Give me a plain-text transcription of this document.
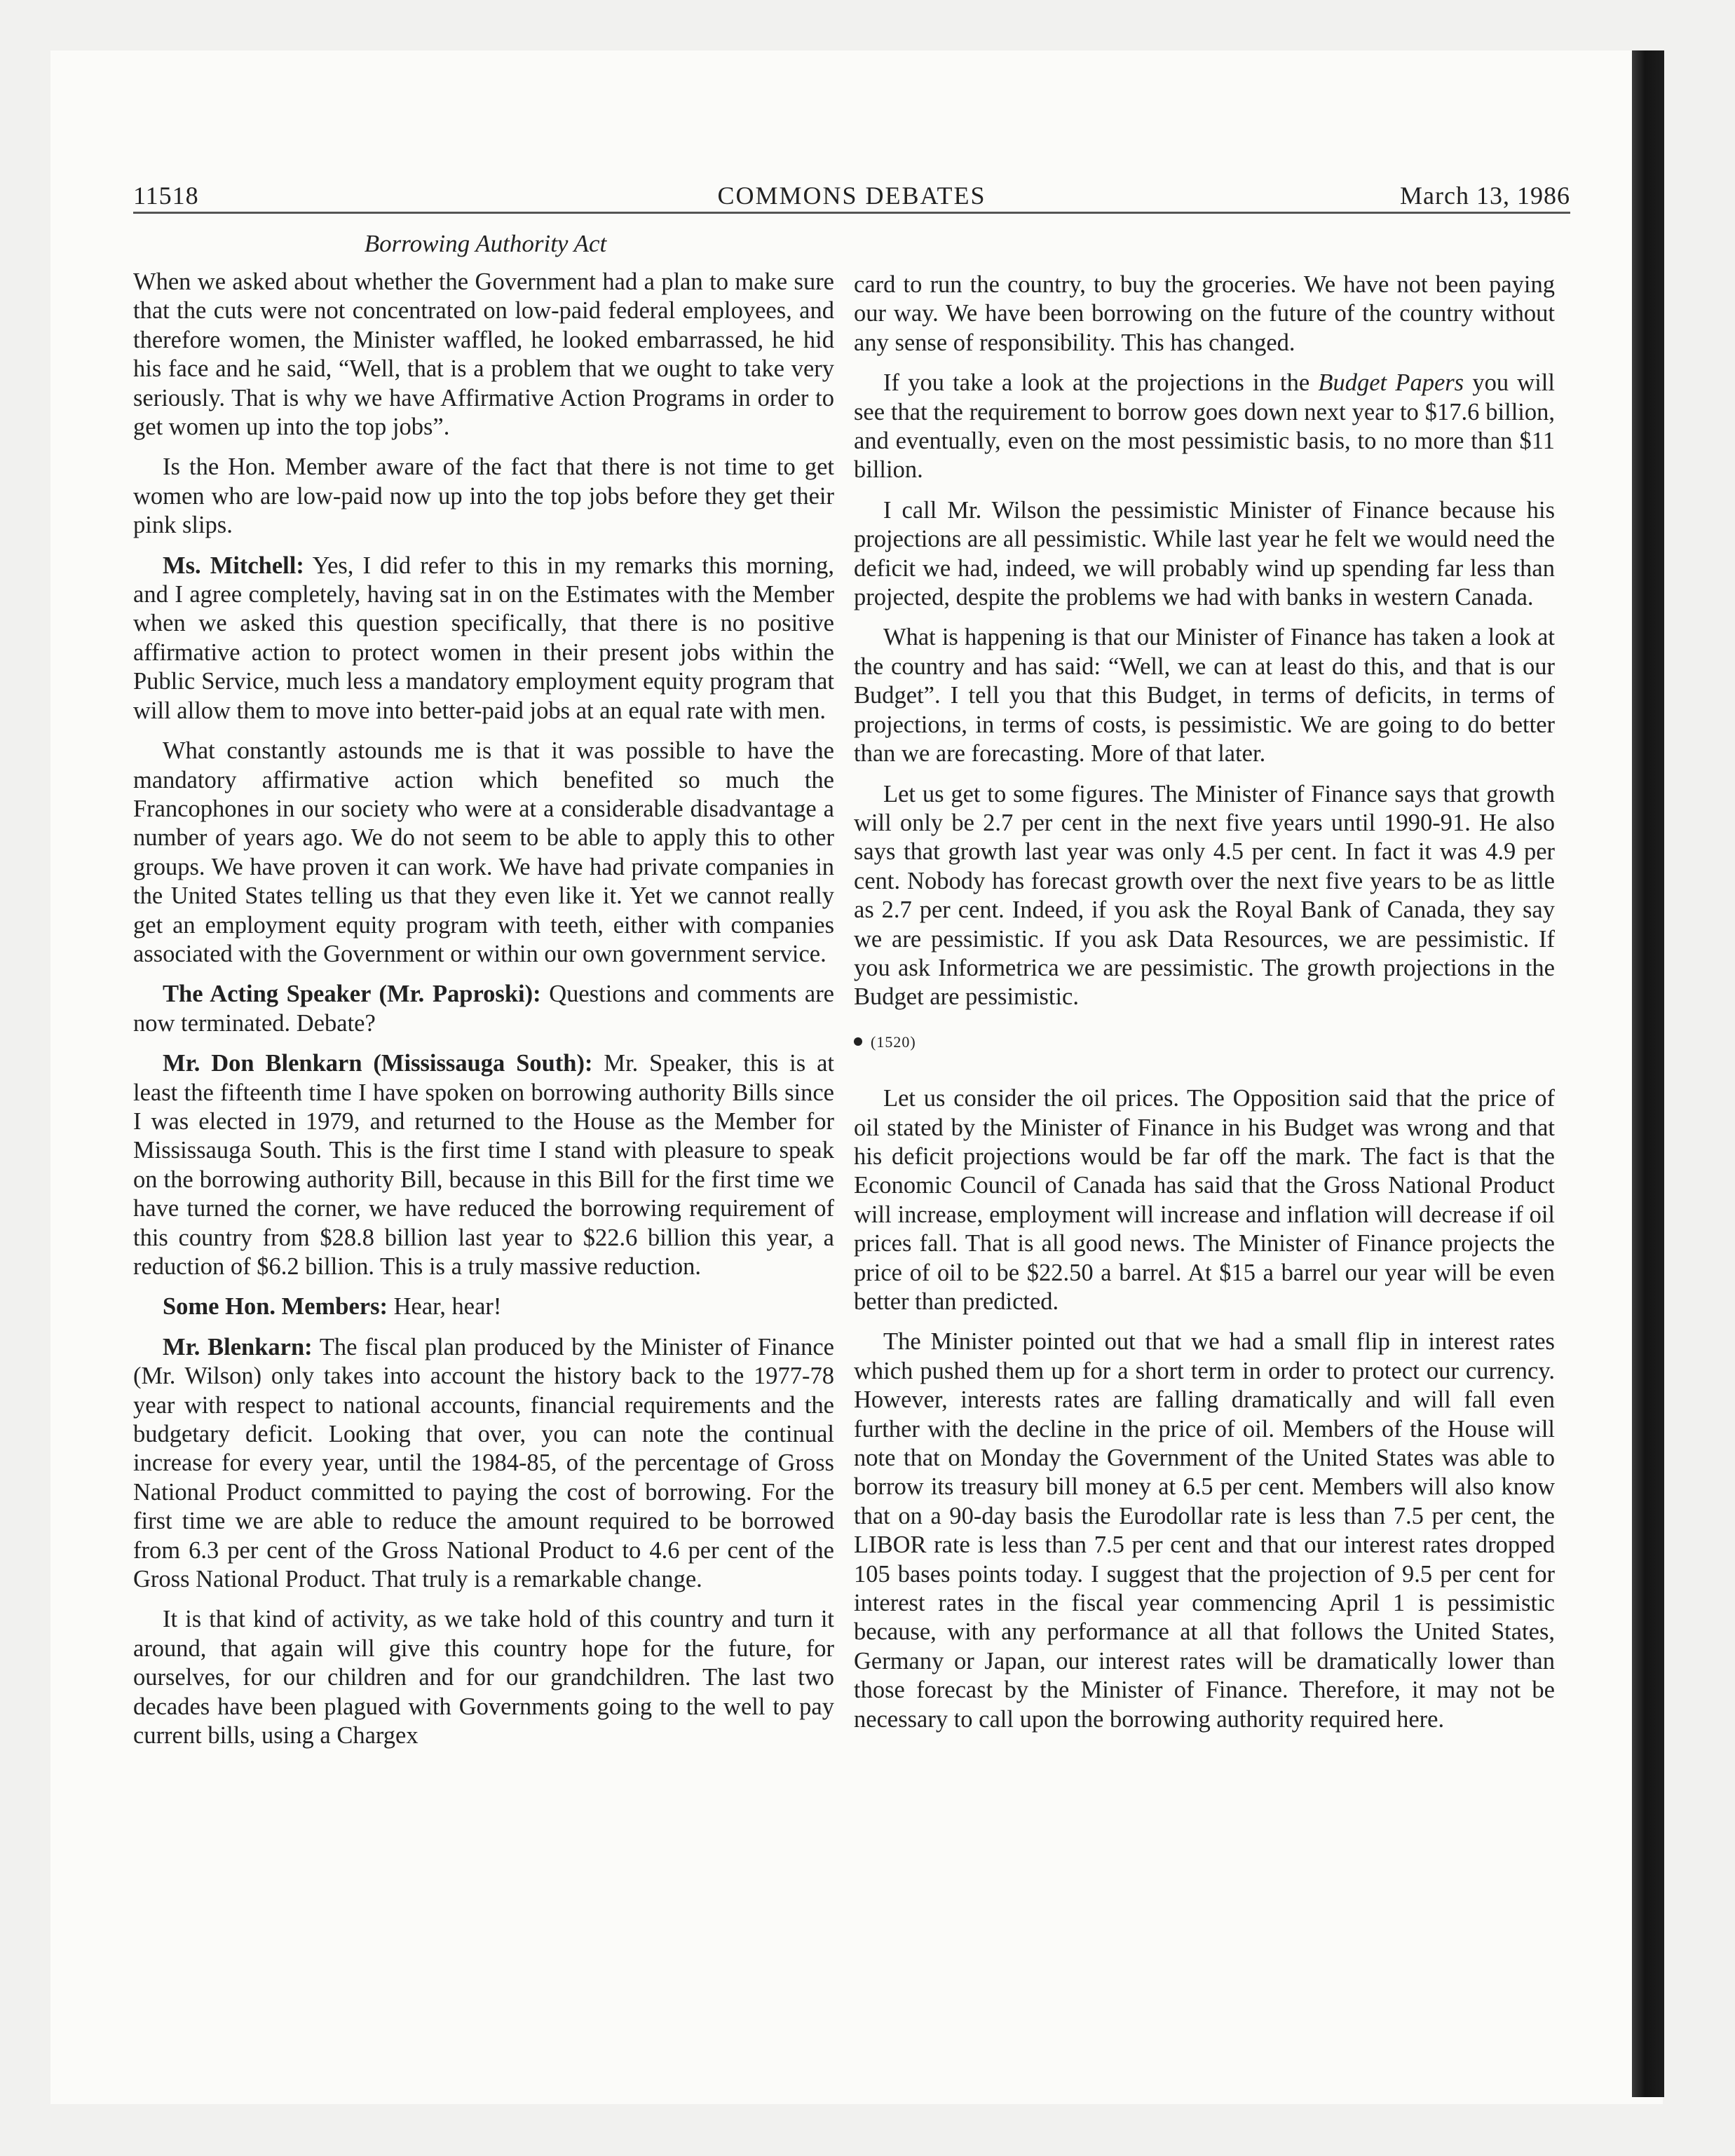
11518	COMMONS DEBATES	March 13, 1986
Borrowing Authority Act

When we asked about whether the Government had a plan to make sure that the cuts were not concentrated on low-paid federal employees, and therefore women, the Minister waffled, he looked embarrassed, he hid his face and he said, “Well, that is a problem that we ought to take very seriously. That is why we have Affirmative Action Programs in order to get women up into the top jobs”.

Is the Hon. Member aware of the fact that there is not time to get women who are low-paid now up into the top jobs before they get their pink slips.

Ms. Mitchell: Yes, I did refer to this in my remarks this morning, and I agree completely, having sat in on the Estimates with the Member when we asked this question specifically, that there is no positive affirmative action to protect women in their present jobs within the Public Service, much less a mandatory employment equity program that will allow them to move into better-paid jobs at an equal rate with men.

What constantly astounds me is that it was possible to have the mandatory affirmative action which benefited so much the Francophones in our society who were at a considerable disadvantage a number of years ago. We do not seem to be able to apply this to other groups. We have proven it can work. We have had private companies in the United States telling us that they even like it. Yet we cannot really get an employment equity program with teeth, either with companies associated with the Government or within our own government service.

The Acting Speaker (Mr. Paproski): Questions and comments are now terminated. Debate?

Mr. Don Blenkarn (Mississauga South): Mr. Speaker, this is at least the fifteenth time I have spoken on borrowing authority Bills since I was elected in 1979, and returned to the House as the Member for Mississauga South. This is the first time I stand with pleasure to speak on the borrowing authority Bill, because in this Bill for the first time we have turned the corner, we have reduced the borrowing requirement of this country from $28.8 billion last year to $22.6 billion this year, a reduction of $6.2 billion. This is a truly massive reduction.

Some Hon. Members: Hear, hear!

Mr. Blenkarn: The fiscal plan produced by the Minister of Finance (Mr. Wilson) only takes into account the history back to the 1977-78 year with respect to national accounts, financial requirements and the budgetary deficit. Looking that over, you can note the continual increase for every year, until the 1984-85, of the percentage of Gross National Product committed to paying the cost of borrowing. For the first time we are able to reduce the amount required to be borrowed from 6.3 per cent of the Gross National Product to 4.6 per cent of the Gross National Product. That truly is a remarkable change.

It is that kind of activity, as we take hold of this country and turn it around, that again will give this country hope for the future, for ourselves, for our children and for our grandchildren. The last two decades have been plagued with Governments going to the well to pay current bills, using a Chargex

card to run the country, to buy the groceries. We have not been paying our way. We have been borrowing on the future of the country without any sense of responsibility. This has changed.

If you take a look at the projections in the Budget Papers you will see that the requirement to borrow goes down next year to $17.6 billion, and eventually, even on the most pessimistic basis, to no more than $11 billion.

I call Mr. Wilson the pessimistic Minister of Finance because his projections are all pessimistic. While last year he felt we would need the deficit we had, indeed, we will probably wind up spending far less than projected, despite the problems we had with banks in western Canada.

What is happening is that our Minister of Finance has taken a look at the country and has said: “Well, we can at least do this, and that is our Budget”. I tell you that this Budget, in terms of deficits, in terms of projections, in terms of costs, is pessimistic. We are going to do better than we are forecasting. More of that later.

Let us get to some figures. The Minister of Finance says that growth will only be 2.7 per cent in the next five years until 1990-91. He also says that growth last year was only 4.5 per cent. In fact it was 4.9 per cent. Nobody has forecast growth over the next five years to be as little as 2.7 per cent. Indeed, if you ask the Royal Bank of Canada, they say we are pessimistic. If you ask Data Resources, we are pessimistic. If you ask Informetrica we are pessimistic. The growth projections in the Budget are pessimistic.

(1520)

Let us consider the oil prices. The Opposition said that the price of oil stated by the Minister of Finance in his Budget was wrong and that his deficit projections would be far off the mark. The fact is that the Economic Council of Canada has said that the Gross National Product will increase, employment will increase and inflation will decrease if oil prices fall. That is all good news. The Minister of Finance projects the price of oil to be $22.50 a barrel. At $15 a barrel our year will be even better than predicted.

The Minister pointed out that we had a small flip in interest rates which pushed them up for a short term in order to protect our currency. However, interests rates are falling dramatically and will fall even further with the decline in the price of oil. Members of the House will note that on Monday the Government of the United States was able to borrow its treasury bill money at 6.5 per cent. Members will also know that on a 90-day basis the Eurodollar rate is less than 7.5 per cent, the LIBOR rate is less than 7.5 per cent and that our interest rates dropped 105 bases points today. I suggest that the projection of 9.5 per cent for interest rates in the fiscal year commencing April 1 is pessimistic because, with any performance at all that follows the United States, Germany or Japan, our interest rates will be dramatically lower than those forecast by the Minister of Finance. Therefore, it may not be necessary to call upon the borrowing authority required here.
